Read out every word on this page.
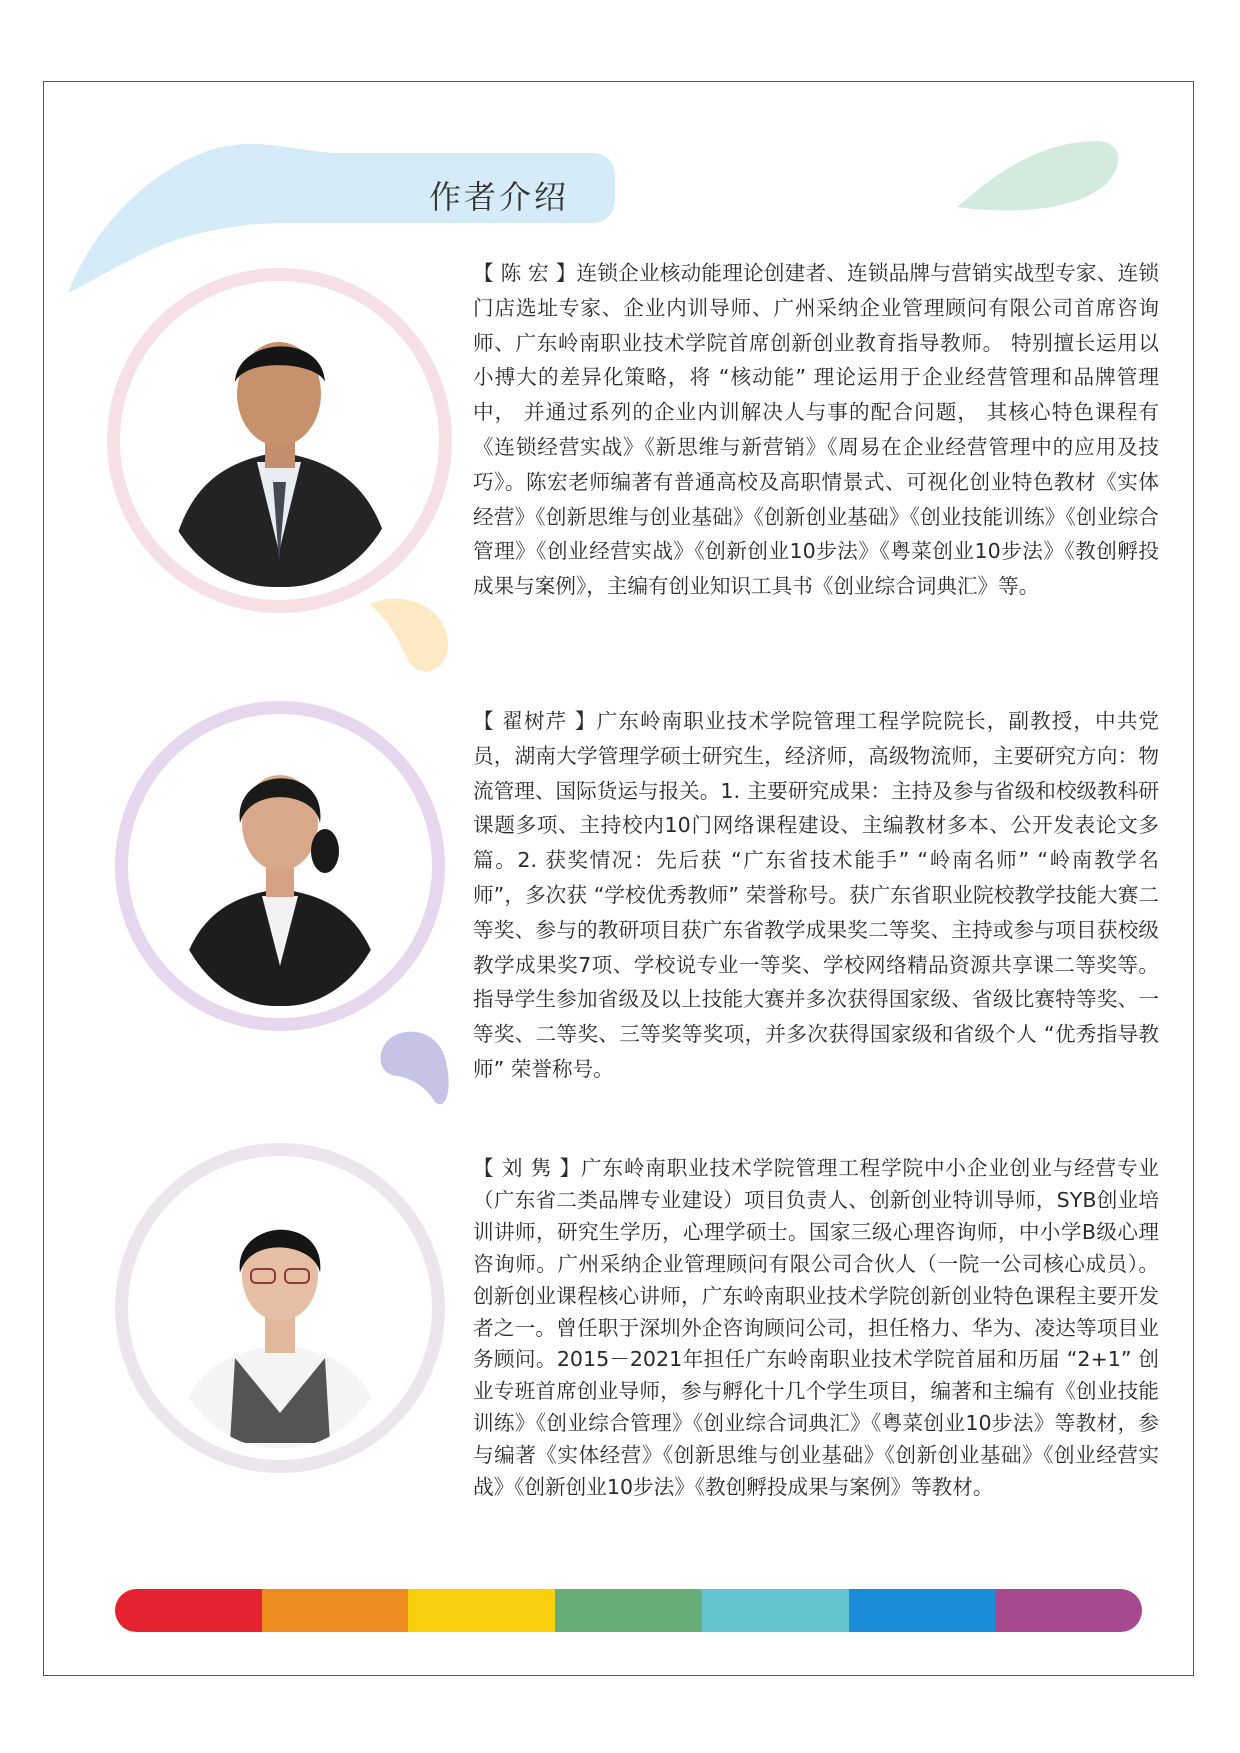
作者介绍
【 陈 宏 】连锁企业核动能理论创建者、连锁品牌与营销实战型专家、连锁门店选址专家、企业内训导师、广州采纳企业管理顾问有限公司首席咨询师、广东岭南职业技术学院首席创新创业教育指导教师。 特别擅长运用以小搏大的差异化策略，将 “核动能” 理论运用于企业经营管理和品牌管理中， 并通过系列的企业内训解决人与事的配合问题， 其核心特色课程有《连锁经营实战》《新思维与新营销》《周易在企业经营管理中的应用及技巧》。陈宏老师编著有普通高校及高职情景式、可视化创业特色教材《实体经营》《创新思维与创业基础》《创新创业基础》《创业技能训练》《创业综合管理》《创业经营实战》《创新创业10步法》《粤菜创业10步法》《教创孵投成果与案例》，主编有创业知识工具书《创业综合词典汇》等。
【 翟树芹 】广东岭南职业技术学院管理工程学院院长，副教授，中共党员，湖南大学管理学硕士研究生，经济师，高级物流师，主要研究方向：物流管理、国际货运与报关。1. 主要研究成果：主持及参与省级和校级教科研课题多项、主持校内10门网络课程建设、主编教材多本、公开发表论文多篇。2. 获奖情况：先后获 “广东省技术能手” “岭南名师” “岭南教学名师”，多次获 “学校优秀教师” 荣誉称号。获广东省职业院校教学技能大赛二等奖、参与的教研项目获广东省教学成果奖二等奖、主持或参与项目获校级教学成果奖7项、学校说专业一等奖、学校网络精品资源共享课二等奖等。指导学生参加省级及以上技能大赛并多次获得国家级、省级比赛特等奖、一等奖、二等奖、三等奖等奖项，并多次获得国家级和省级个人 “优秀指导教师” 荣誉称号。
【 刘 隽 】广东岭南职业技术学院管理工程学院中小企业创业与经营专业（广东省二类品牌专业建设）项目负责人、创新创业特训导师，SYB创业培训讲师，研究生学历，心理学硕士。国家三级心理咨询师，中小学B级心理咨询师。广州采纳企业管理顾问有限公司合伙人（一院一公司核心成员）。创新创业课程核心讲师，广东岭南职业技术学院创新创业特色课程主要开发者之一。曾任职于深圳外企咨询顾问公司，担任格力、华为、凌达等项目业务顾问。2015－2021年担任广东岭南职业技术学院首届和历届 “2+1” 创业专班首席创业导师，参与孵化十几个学生项目，编著和主编有《创业技能训练》《创业综合管理》《创业综合词典汇》《粤菜创业10步法》等教材，参与编著《实体经营》《创新思维与创业基础》《创新创业基础》《创业经营实战》《创新创业10步法》《教创孵投成果与案例》等教材。
